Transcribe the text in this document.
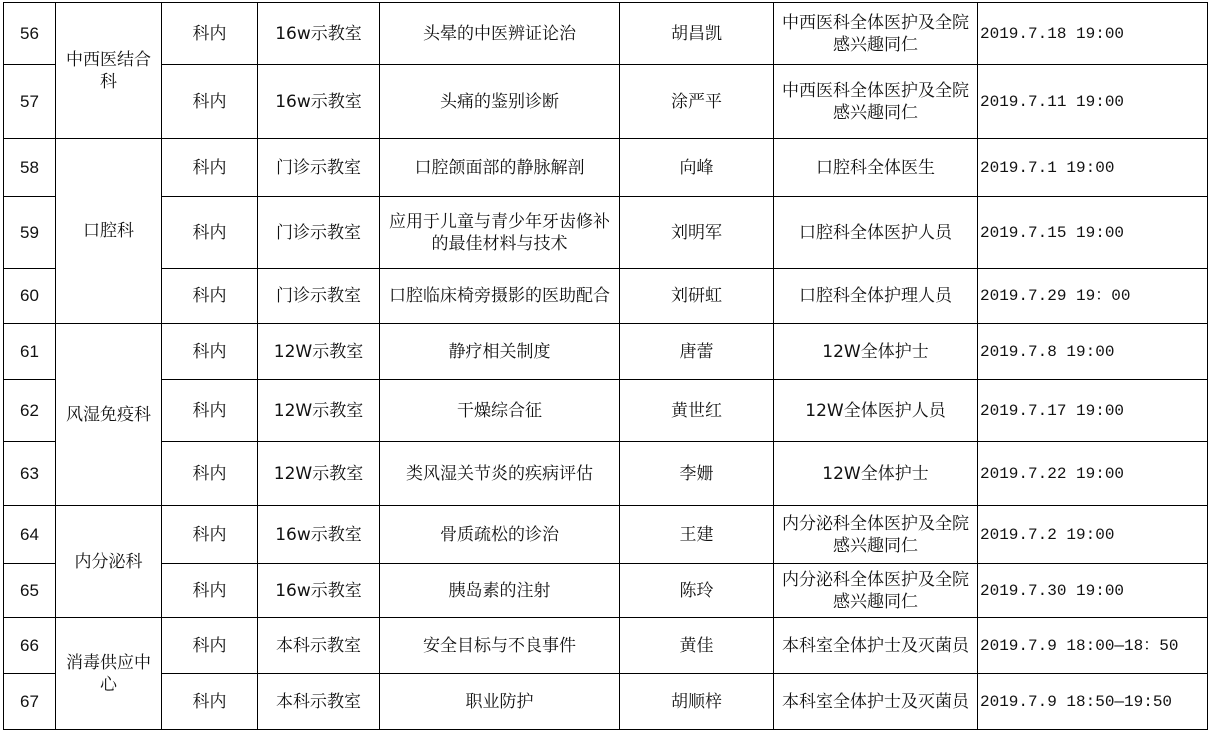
56	中西医结合科	科内	16w示教室	头晕的中医辨证论治	胡昌凯	中西医科全体医护及全院感兴趣同仁	2019.7.18 19:00
57		科内	16w示教室	头痛的鉴别诊断	涂严平	中西医科全体医护及全院感兴趣同仁	2019.7.11 19:00
58	口腔科	科内	门诊示教室	口腔颌面部的静脉解剖	向峰	口腔科全体医生	2019.7.1 19:00
59		科内	门诊示教室	应用于儿童与青少年牙齿修补的最佳材料与技术	刘明军	口腔科全体医护人员	2019.7.15 19:00
60		科内	门诊示教室	口腔临床椅旁摄影的医助配合	刘研虹	口腔科全体护理人员	2019.7.29 19：00
61	风湿免疫科	科内	12W示教室	静疗相关制度	唐蕾	12W全体护士	2019.7.8 19:00
62		科内	12W示教室	干燥综合征	黄世红	12W全体医护人员	2019.7.17 19:00
63		科内	12W示教室	类风湿关节炎的疾病评估	李姗	12W全体护士	2019.7.22 19:00
64	内分泌科	科内	16w示教室	骨质疏松的诊治	王建	内分泌科全体医护及全院感兴趣同仁	2019.7.2 19:00
65		科内	16w示教室	胰岛素的注射	陈玲	内分泌科全体医护及全院感兴趣同仁	2019.7.30 19:00
66	消毒供应中心	科内	本科示教室	安全目标与不良事件	黄佳	本科室全体护士及灭菌员	2019.7.9 18:00—18：50
67		科内	本科示教室	职业防护	胡顺梓	本科室全体护士及灭菌员	2019.7.9 18:50—19:50
